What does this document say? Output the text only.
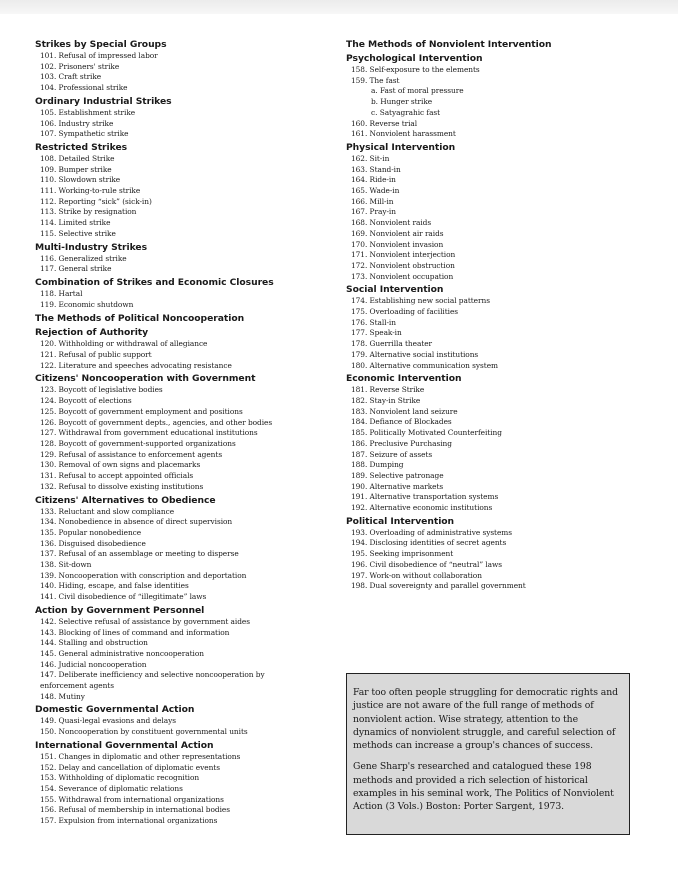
Strikes by Special Groups
101. Refusal of impressed labor
102. Prisoners' strike
103. Craft strike
104. Professional strike
Ordinary Industrial Strikes
105. Establishment strike
106. Industry strike
107. Sympathetic strike
Restricted Strikes
108. Detailed Strike
109. Bumper strike
110. Slowdown strike
111. Working-to-rule strike
112. Reporting “sick” (sick-in)
113. Strike by resignation
114. Limited strike
115. Selective strike
Multi-Industry Strikes
116. Generalized strike
117. General strike
Combination of Strikes and Economic Closures
118. Hartal
119. Economic shutdown
The Methods of Political Noncooperation
Rejection of Authority
120. Withholding or withdrawal of allegiance
121. Refusal of public support
122. Literature and speeches advocating resistance
Citizens' Noncooperation with Government
123. Boycott of legislative bodies
124. Boycott of elections
125. Boycott of government employment and positions
126. Boycott of government depts., agencies, and other bodies
127. Withdrawal from government educational institutions
128. Boycott of government-supported organizations
129. Refusal of assistance to enforcement agents
130. Removal of own signs and placemarks
131. Refusal to accept appointed officials
132. Refusal to dissolve existing institutions
Citizens' Alternatives to Obedience
133. Reluctant and slow compliance
134. Nonobedience in absence of direct supervision
135. Popular nonobedience
136. Disguised disobedience
137. Refusal of an assemblage or meeting to disperse
138. Sit-down
139. Noncooperation with conscription and deportation
140. Hiding, escape, and false identities
141. Civil disobedience of “illegitimate” laws
Action by Government Personnel
142. Selective refusal of assistance by government aides
143. Blocking of lines of command and information
144. Stalling and obstruction
145. General administrative noncooperation
146. Judicial noncooperation
147. Deliberate inefficiency and selective noncooperation by enforcement agents
148. Mutiny
Domestic Governmental Action
149. Quasi-legal evasions and delays
150. Noncooperation by constituent governmental units
International Governmental Action
151. Changes in diplomatic and other representations
152. Delay and cancellation of diplomatic events
153. Withholding of diplomatic recognition
154. Severance of diplomatic relations
155. Withdrawal from international organizations
156. Refusal of membership in international bodies
157. Expulsion from international organizations
The Methods of Nonviolent Intervention
Psychological Intervention
158. Self-exposure to the elements
159. The fast
a. Fast of moral pressure
b. Hunger strike
c. Satyagrahic fast
160. Reverse trial
161. Nonviolent harassment
Physical Intervention
162. Sit-in
163. Stand-in
164. Ride-in
165. Wade-in
166. Mill-in
167. Pray-in
168. Nonviolent raids
169. Nonviolent air raids
170. Nonviolent invasion
171. Nonviolent interjection
172. Nonviolent obstruction
173. Nonviolent occupation
Social Intervention
174. Establishing new social patterns
175. Overloading of facilities
176. Stall-in
177. Speak-in
178. Guerrilla theater
179. Alternative social institutions
180. Alternative communication system
Economic Intervention
181. Reverse Strike
182. Stay-in Strike
183. Nonviolent land seizure
184. Defiance of Blockades
185. Politically Motivated Counterfeiting
186. Preclusive Purchasing
187. Seizure of assets
188. Dumping
189. Selective patronage
190. Alternative markets
191. Alternative transportation systems
192. Alternative economic institutions
Political Intervention
193. Overloading of administrative systems
194. Disclosing identities of secret agents
195. Seeking imprisonment
196. Civil disobedience of “neutral” laws
197. Work-on without collaboration
198. Dual sovereignty and parallel government

Far too often people struggling for democratic rights and justice are not aware of the full range of methods of nonviolent action. Wise strategy, attention to the dynamics of nonviolent struggle, and careful selection of methods can increase a group's chances of success.

Gene Sharp's researched and catalogued these 198 methods and provided a rich selection of historical examples in his seminal work, The Politics of Nonviolent Action (3 Vols.) Boston: Porter Sargent, 1973.
